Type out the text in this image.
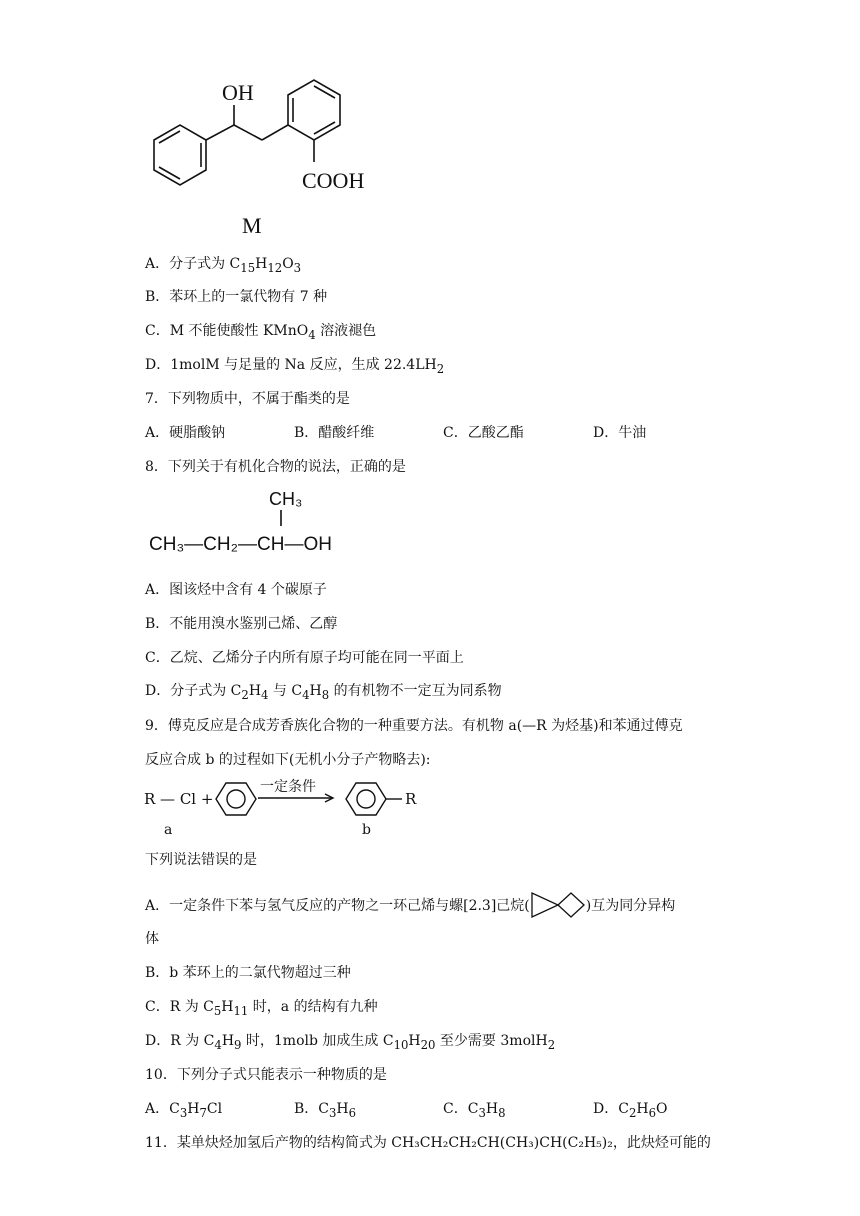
OH
COOH
M
A．分子式为 $C_{15}H_{12}O_3$
B．苯环上的一氯代物有 7 种
C．M 不能使酸性 KMnO$_4$ 溶液褪色
D．1molM 与足量的 Na 反应，生成 $22.4LH_2$
7．下列物质中，不属于酯类的是
A．硬脂酸钠	B．醋酸纤维	C．乙酸乙酯	D．牛油
8．下列关于有机化合物的说法，正确的是
CH₃
CH₃—CH₂—CH—OH
A．图该烃中含有 4 个碳原子
B．不能用溴水鉴别己烯、乙醇
C．乙烷、乙烯分子内所有原子均可能在同一平面上
D．分子式为 $C_2H_4$ 与 $C_4H_8$ 的有机物不一定互为同系物
9．傅克反应是合成芳香族化合物的一种重要方法。有机物 a(—R 为烃基)和苯通过傅克
反应合成 b 的过程如下(无机小分子产物略去):
R — Cl +
一定条件
R
a	b
下列说法错误的是
A．一定条件下苯与氢气反应的产物之一环己烯与螺[2.3]己烷(	)互为同分异构
体
B．b 苯环上的二氯代物超过三种
C．R 为 $C_5H_{11}$ 时，a 的结构有九种
D．R 为 $C_4H_9$ 时，1molb 加成生成 $C_{10}H_{20}$ 至少需要 3molH$_2$
10．下列分子式只能表示一种物质的是
A．$C_3H_7Cl$	B．$C_3H_6$	C．$C_3H_8$	D．$C_2H_6O$
11．某单炔烃加氢后产物的结构简式为 CH₃CH₂CH₂CH(CH₃)CH(C₂H₅)₂，此炔烃可能的
